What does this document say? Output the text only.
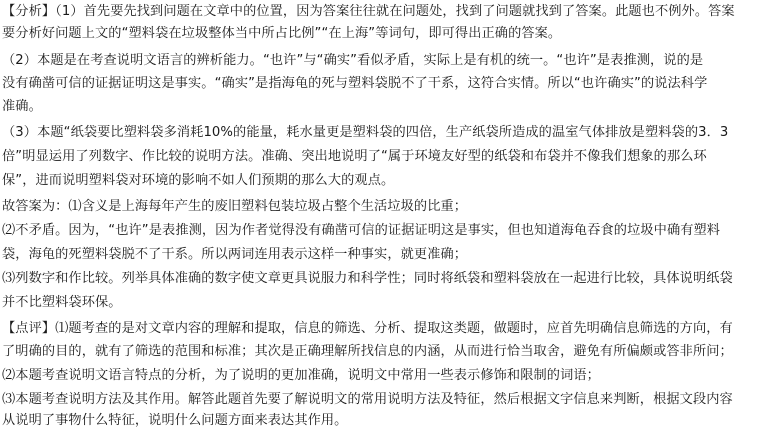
【分析】（1）首先要先找到问题在文章中的位置，因为答案往往就在问题处，找到了问题就找到了答案。此题也不例外。答案
要分析好问题上文的“塑料袋在垃圾整体当中所占比例”“在上海”等词句，即可得出正确的答案。
（2）本题是在考查说明文语言的辨析能力。“也许”与“确实”看似矛盾，实际上是有机的统一。“也许”是表推测，说的是
没有确凿可信的证据证明这是事实。“确实”是指海龟的死与塑料袋脱不了干系，这符合实情。所以“也许确实”的说法科学
准确。
（3）本题“纸袋要比塑料袋多消耗10%的能量，耗水量更是塑料袋的四倍，生产纸袋所造成的温室气体排放是塑料袋的3．3
倍”明显运用了列数字、作比较的说明方法。准确、突出地说明了“属于环境友好型的纸袋和布袋并不像我们想象的那么环
保”，进而说明塑料袋对环境的影响不如人们预期的那么大的观点。
故答案为：⑴含义是上海每年产生的废旧塑料包装垃圾占整个生活垃圾的比重；
⑵不矛盾。因为，“也许”是表推测，因为作者觉得没有确凿可信的证据证明这是事实，但也知道海龟吞食的垃圾中确有塑料
袋，海龟的死塑料袋脱不了干系。所以两词连用表示这样一种事实，就更准确；
⑶列数字和作比较。列举具体准确的数字使文章更具说服力和科学性；同时将纸袋和塑料袋放在一起进行比较，具体说明纸袋
并不比塑料袋环保。
【点评】⑴题考查的是对文章内容的理解和提取，信息的筛选、分析、提取这类题，做题时，应首先明确信息筛选的方向，有
了明确的目的，就有了筛选的范围和标准；其次是正确理解所找信息的内涵，从而进行恰当取舍，避免有所偏颇或答非所问；
⑵本题考查说明文语言特点的分析，为了说明的更加准确，说明文中常用一些表示修饰和限制的词语；
⑶本题考查说明方法及其作用。解答此题首先要了解说明文的常用说明方法及特征，然后根据文字信息来判断，根据文段内容
从说明了事物什么特征，说明什么问题方面来表达其作用。
